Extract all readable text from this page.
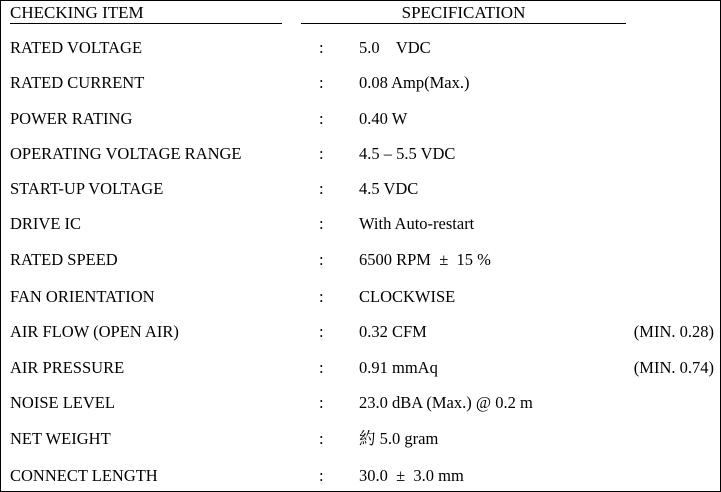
CHECKING ITEM	SPECIFICATION
RATED VOLTAGE	: 5.0    VDC
RATED CURRENT	: 0.08 Amp(Max.)
POWER RATING	: 0.40 W
OPERATING VOLTAGE RANGE	: 4.5 – 5.5 VDC
START-UP VOLTAGE	: 4.5 VDC
DRIVE IC	: With Auto-restart
RATED SPEED	: 6500 RPM  ±  15 %
FAN ORIENTATION	: CLOCKWISE
AIR FLOW (OPEN AIR)	: 0.32 CFM	(MIN. 0.28)
AIR PRESSURE	: 0.91 mmAq	(MIN. 0.74)
NOISE LEVEL	: 23.0 dBA (Max.) @ 0.2 m
NET WEIGHT	: 約 5.0 gram
CONNECT LENGTH	: 30.0  ±  3.0 mm
